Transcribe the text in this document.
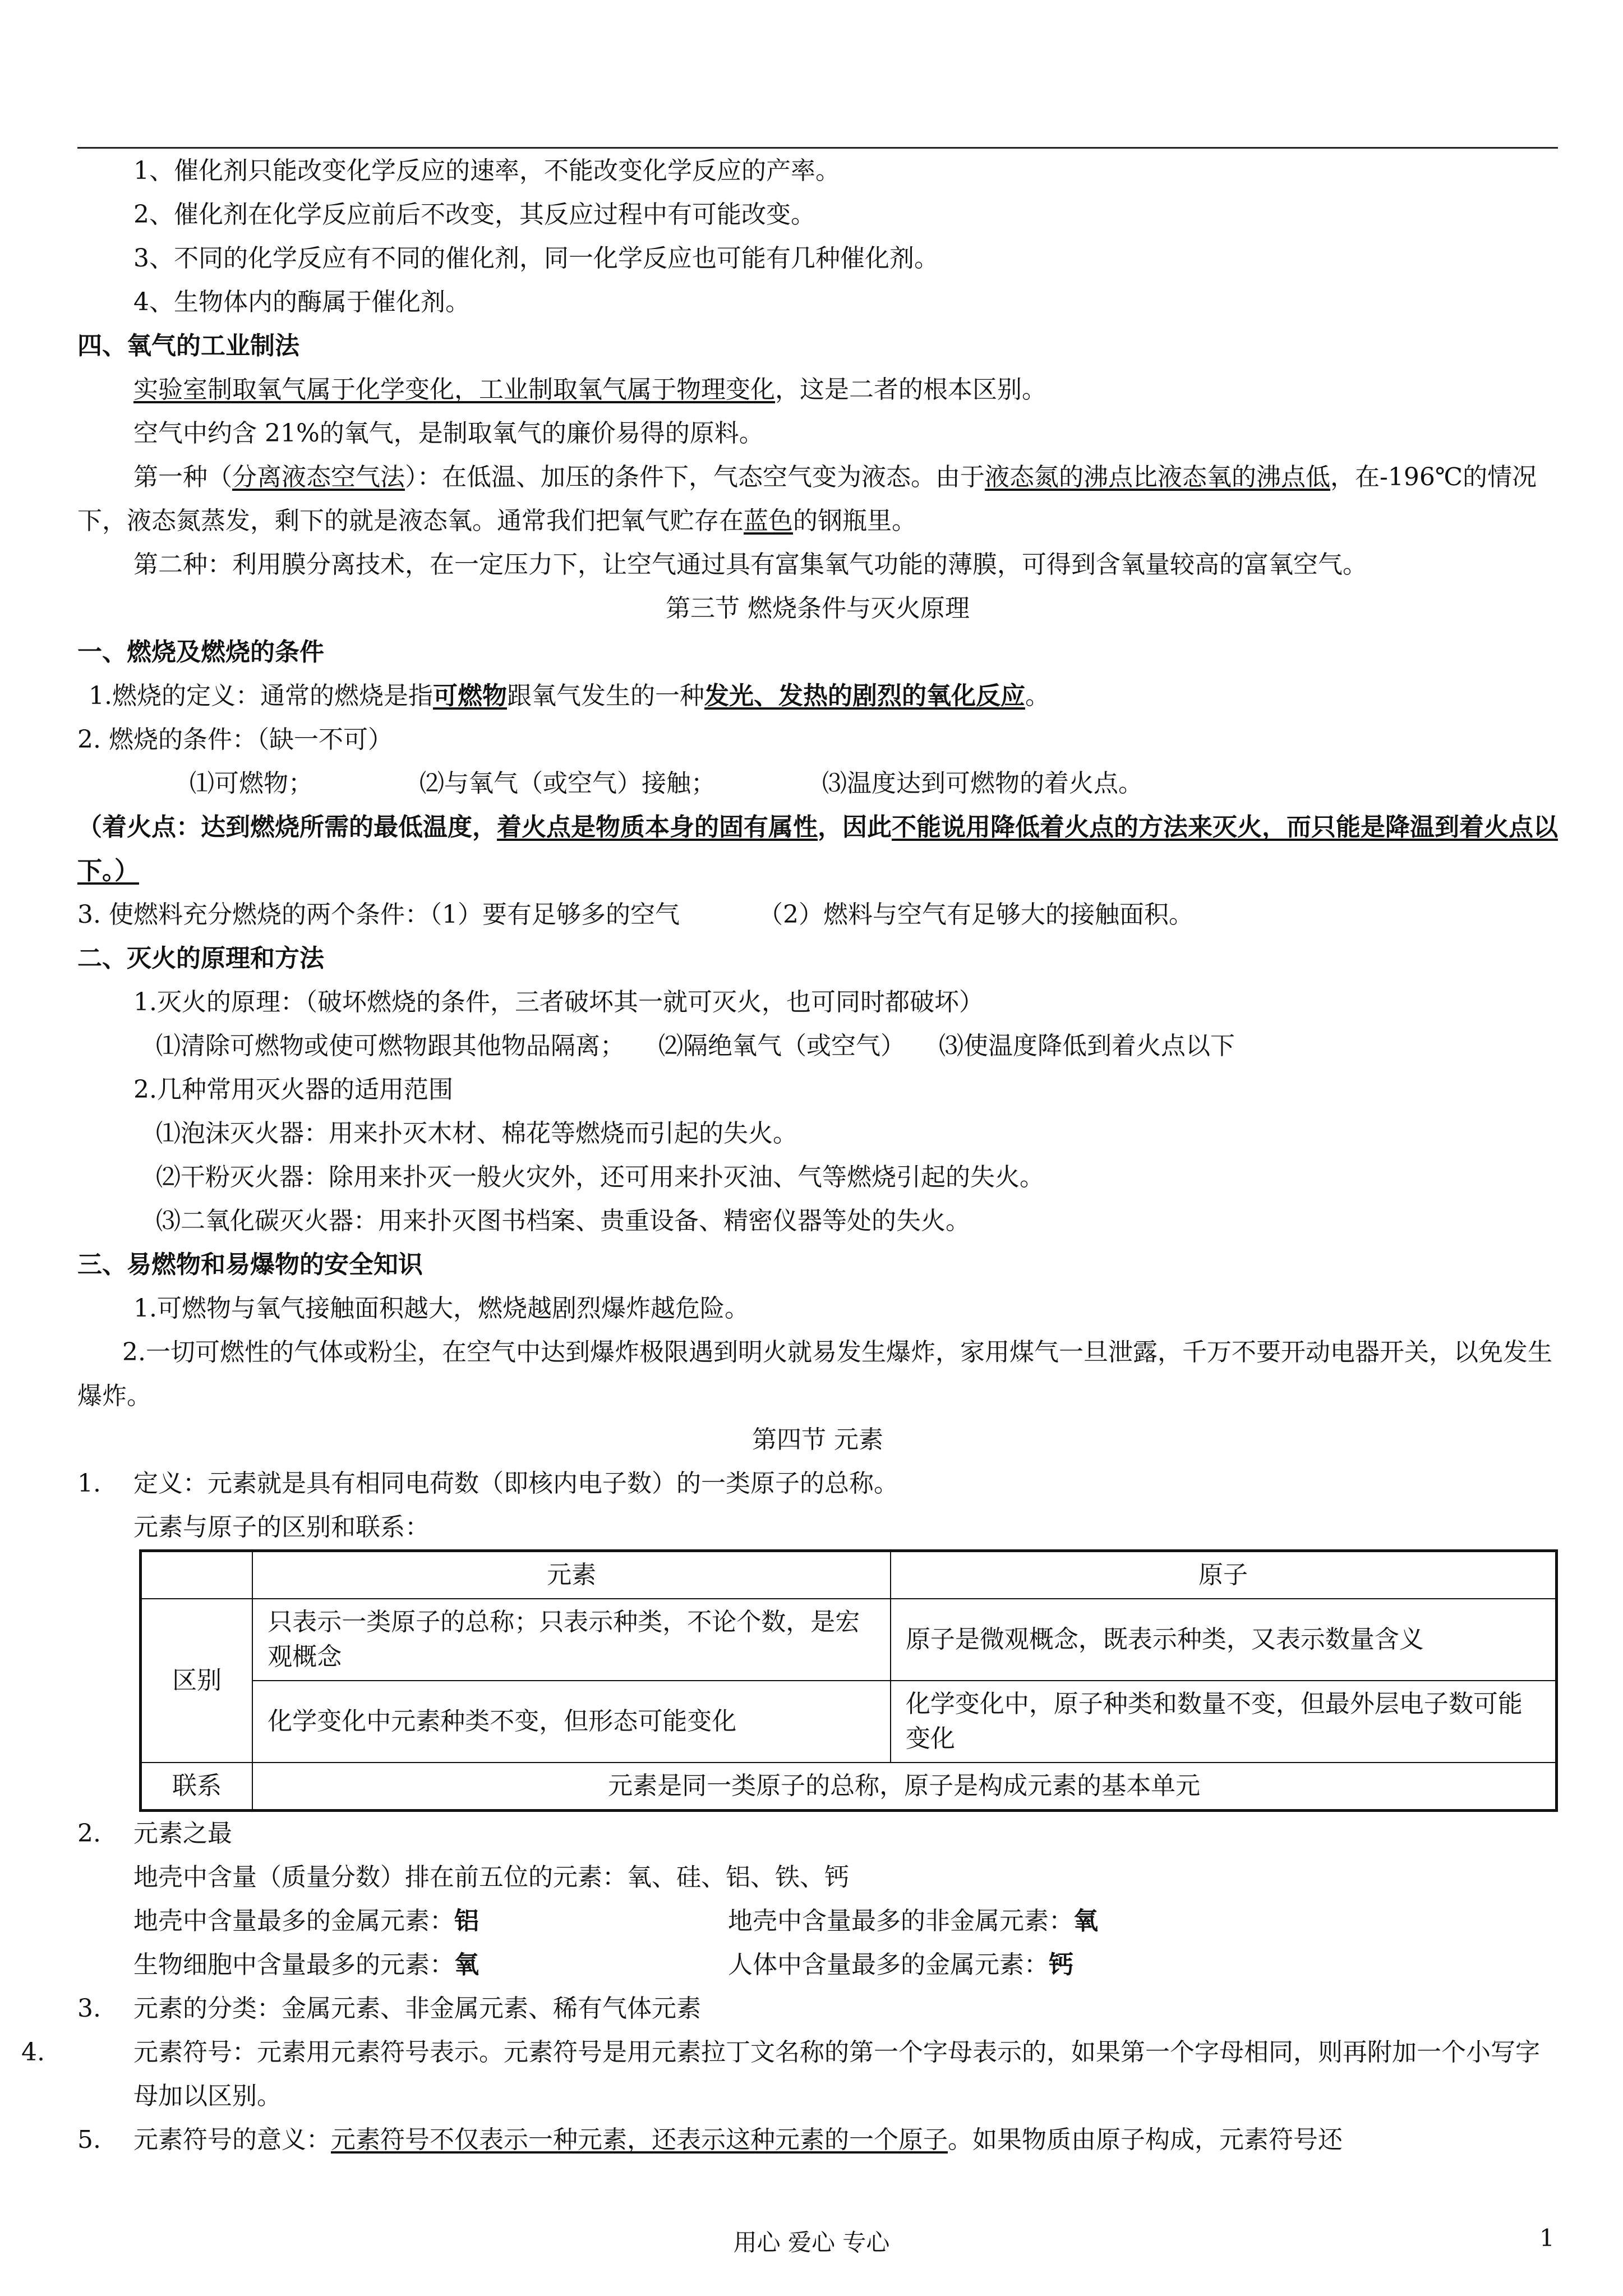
1、催化剂只能改变化学反应的速率，不能改变化学反应的产率。
2、催化剂在化学反应前后不改变，其反应过程中有可能改变。
3、不同的化学反应有不同的催化剂，同一化学反应也可能有几种催化剂。
4、生物体内的酶属于催化剂。
四、氧气的工业制法
实验室制取氧气属于化学变化，工业制取氧气属于物理变化，这是二者的根本区别。
空气中约含 21%的氧气，是制取氧气的廉价易得的原料。
第一种（分离液态空气法）：在低温、加压的条件下，气态空气变为液态。由于液态氮的沸点比液态氧的沸点低，在-196℃的情况下，液态氮蒸发，剩下的就是液态氧。通常我们把氧气贮存在蓝色的钢瓶里。
第二种：利用膜分离技术，在一定压力下，让空气通过具有富集氧气功能的薄膜，可得到含氧量较高的富氧空气。
第三节 燃烧条件与灭火原理
一、燃烧及燃烧的条件
1.燃烧的定义：通常的燃烧是指可燃物跟氧气发生的一种发光、发热的剧烈的氧化反应。
2. 燃烧的条件：（缺一不可）
⑴可燃物；	⑵与氧气（或空气）接触；	⑶温度达到可燃物的着火点。
（着火点：达到燃烧所需的最低温度，着火点是物质本身的固有属性，因此不能说用降低着火点的方法来灭火，而只能是降温到着火点以下。）
3. 使燃料充分燃烧的两个条件：（1）要有足够多的空气	（2）燃料与空气有足够大的接触面积。
二、灭火的原理和方法
1.灭火的原理：（破坏燃烧的条件，三者破坏其一就可灭火，也可同时都破坏）
⑴清除可燃物或使可燃物跟其他物品隔离； ⑵隔绝氧气（或空气） ⑶使温度降低到着火点以下
2.几种常用灭火器的适用范围
⑴泡沫灭火器：用来扑灭木材、棉花等燃烧而引起的失火。
⑵干粉灭火器：除用来扑灭一般火灾外，还可用来扑灭油、气等燃烧引起的失火。
⑶二氧化碳灭火器：用来扑灭图书档案、贵重设备、精密仪器等处的失火。
三、易燃物和易爆物的安全知识
1.可燃物与氧气接触面积越大，燃烧越剧烈爆炸越危险。
2.一切可燃性的气体或粉尘，在空气中达到爆炸极限遇到明火就易发生爆炸，家用煤气一旦泄露，千万不要开动电器开关，以免发生爆炸。
第四节 元素
1. 定义：元素就是具有相同电荷数（即核内电子数）的一类原子的总称。
元素与原子的区别和联系：
	元素	原子
区别	只表示一类原子的总称；只表示种类，不论个数，是宏观概念	原子是微观概念，既表示种类，又表示数量含义
	化学变化中元素种类不变，但形态可能变化	化学变化中，原子种类和数量不变，但最外层电子数可能变化
联系	元素是同一类原子的总称，原子是构成元素的基本单元	
2. 元素之最
地壳中含量（质量分数）排在前五位的元素：氧、硅、铝、铁、钙
地壳中含量最多的金属元素：铝	地壳中含量最多的非金属元素：氧
生物细胞中含量最多的元素：氧	人体中含量最多的金属元素：钙
3. 元素的分类：金属元素、非金属元素、稀有气体元素
4.	元素符号：元素用元素符号表示。元素符号是用元素拉丁文名称的第一个字母表示的，如果第一个字母相同，则再附加一个小写字母加以区别。
5. 元素符号的意义：元素符号不仅表示一种元素，还表示这种元素的一个原子。如果物质由原子构成，元素符号还
用心 爱心 专心	1
